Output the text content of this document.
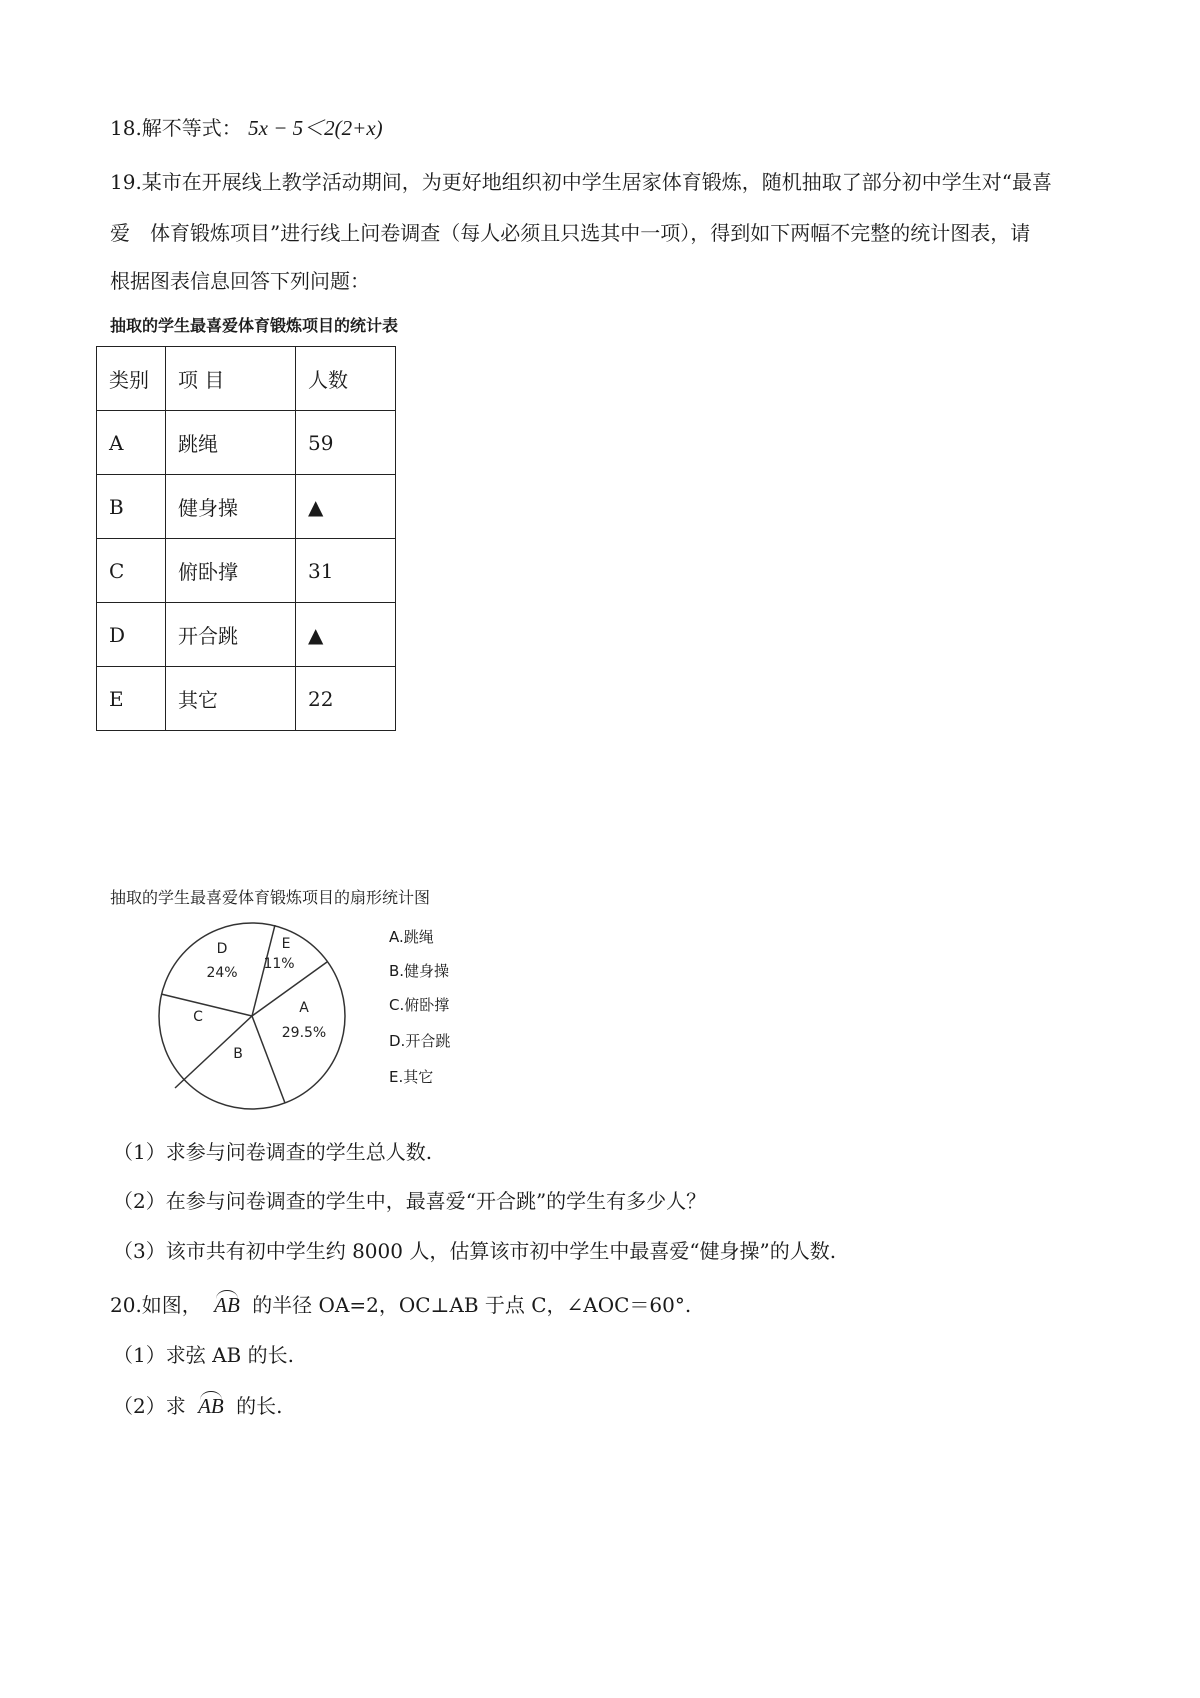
18.解不等式： 5x − 5＜2(2+x)
19.某市在开展线上教学活动期间，为更好地组织初中学生居家体育锻炼，随机抽取了部分初中学生对“最喜
爱　体育锻炼项目”进行线上问卷调查（每人必须且只选其中一项），得到如下两幅不完整的统计图表，请
根据图表信息回答下列问题：
抽取的学生最喜爱体育锻炼项目的统计表
类别	项 目	人数
A	跳绳	59
B	健身操	▲
C	俯卧撑	31
D	开合跳	▲
E	其它	22
抽取的学生最喜爱体育锻炼项目的扇形统计图
D
24%
E
11%
A
29.5%
C
B
A.跳绳
B.健身操
C.俯卧撑
D.开合跳
E.其它
（1）求参与问卷调查的学生总人数.
（2）在参与问卷调查的学生中，最喜爱“开合跳”的学生有多少人？
（3）该市共有初中学生约 8000 人，估算该市初中学生中最喜爱“健身操”的人数.
20.如图， AB 的半径 OA=2，OC⊥AB 于点 C，∠AOC＝60°.
（1）求弦 AB 的长.
（2）求 AB 的长.
